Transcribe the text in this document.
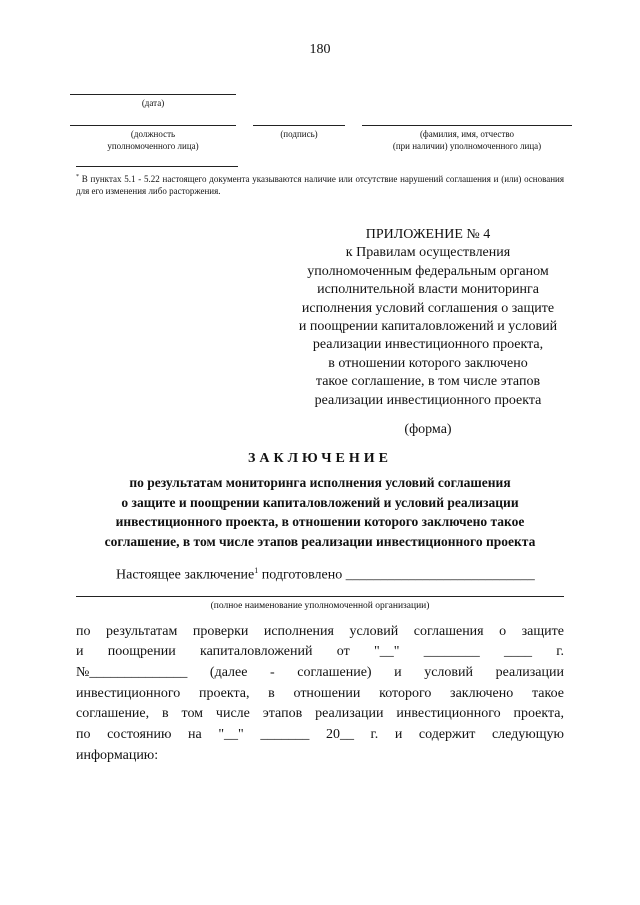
180
(дата)
(должность
уполномоченного лица)
(подпись)	(фамилия, имя, отчество
(при наличии) уполномоченного лица)
* В пунктах 5.1 - 5.22 настоящего документа указываются наличие или отсутствие нарушений соглашения и (или) основания для его изменения либо расторжения.
ПРИЛОЖЕНИЕ № 4
к Правилам осуществления
уполномоченным федеральным органом
исполнительной власти мониторинга
исполнения условий соглашения о защите
и поощрении капиталовложений и условий
реализации инвестиционного проекта,
в отношении которого заключено
такое соглашение, в том числе этапов
реализации инвестиционного проекта
(форма)
ЗАКЛЮЧЕНИЕ
по результатам мониторинга исполнения условий соглашения
о защите и поощрении капиталовложений и условий реализации
инвестиционного проекта, в отношении которого заключено такое
соглашение, в том числе этапов реализации инвестиционного проекта
Настоящее заключение$^1$ подготовлено ___________________________
(полное наименование уполномоченной организации)
по результатам проверки исполнения условий соглашения о защите
и поощрении капиталовложений от "__" ________ ____ г.
№______________ (далее - соглашение) и условий реализации
инвестиционного проекта, в отношении которого заключено такое
соглашение, в том числе этапов реализации инвестиционного проекта,
по состоянию на "__" _______ 20__ г. и содержит следующую
информацию:
